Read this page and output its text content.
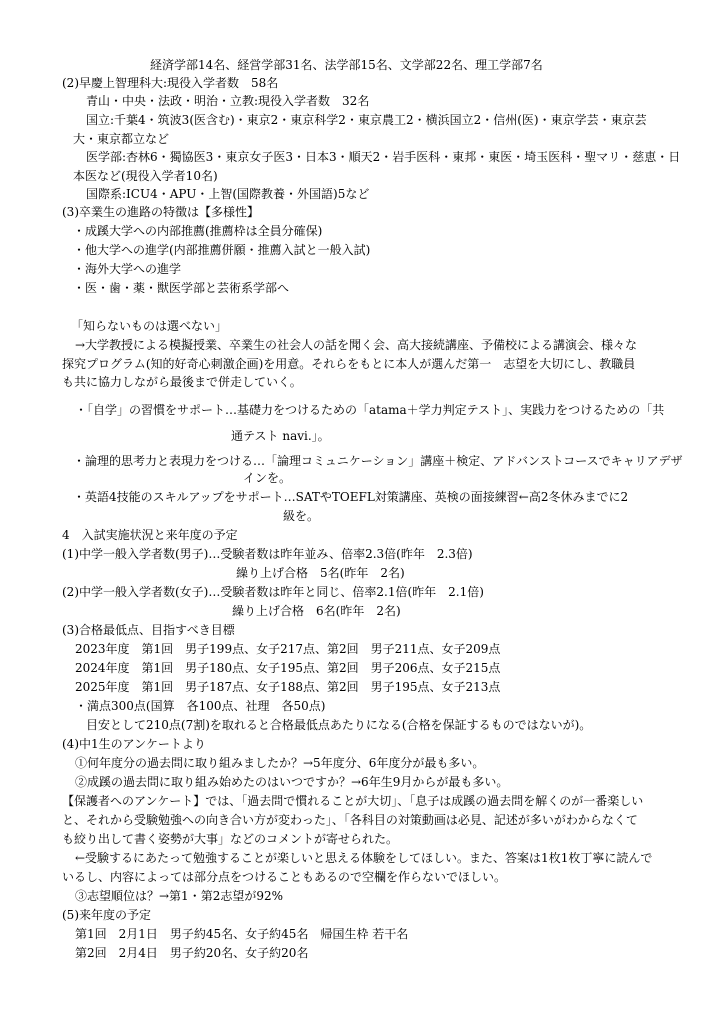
経済学部14名、経営学部31名、法学部15名、文学部22名、理工学部7名

(2)早慶上智理科大:現役入学者数　58名

青山・中央・法政・明治・立教:現役入学者数　32名

国立:千葉4・筑波3(医含む)・東京2・東京科学2・東京農工2・横浜国立2・信州(医)・東京学芸・東京芸

大・東京都立など

医学部:杏林6・獨協医3・東京女子医3・日本3・順天2・岩手医科・東邦・東医・埼玉医科・聖マリ・慈恵・日

本医など(現役入学者10名)

国際系:ICU4・APU・上智(国際教養・外国語)5など

(3)卒業生の進路の特徴は【多様性】

・成蹊大学への内部推薦(推薦枠は全員分確保)

・他大学への進学(内部推薦併願・推薦入試と一般入試)

・海外大学への進学

・医・歯・薬・獣医学部と芸術系学部へ

「知らないものは選べない」

→大学教授による模擬授業、卒業生の社会人の話を聞く会、高大接続講座、予備校による講演会、様々な

探究プログラム(知的好奇心刺激企画)を用意。それらをもとに本人が選んだ第一　志望を大切にし、教職員

も共に協力しながら最後まで併走していく。

・「自学」の習慣をサポート…基礎力をつけるための「atama＋学力判定テスト」、実践力をつけるための「共

通テスト navi.」。

・論理的思考力と表現力をつける…「論理コミュニケーション」講座＋検定、アドバンストコースでキャリアデザ

インを。

・英語4技能のスキルアップをサポート…SATやTOEFL対策講座、英検の面接練習←高2冬休みまでに2

級を。

4　入試実施状況と来年度の予定

(1)中学一般入学者数(男子)…受験者数は昨年並み、倍率2.3倍(昨年　2.3倍)

繰り上げ合格　5名(昨年　2名)

(2)中学一般入学者数(女子)…受験者数は昨年と同じ、倍率2.1倍(昨年　2.1倍)

繰り上げ合格　6名(昨年　2名)

(3)合格最低点、目指すべき目標

2023年度　第1回　男子199点、女子217点、第2回　男子211点、女子209点

2024年度　第1回　男子180点、女子195点、第2回　男子206点、女子215点

2025年度　第1回　男子187点、女子188点、第2回　男子195点、女子213点

・満点300点(国算　各100点、社理　各50点)

目安として210点(7割)を取れると合格最低点あたりになる(合格を保証するものではないが)。

(4)中1生のアンケートより

①何年度分の過去問に取り組みましたか？→5年度分、6年度分が最も多い。

②成蹊の過去問に取り組み始めたのはいつですか？→6年生9月からが最も多い。

【保護者へのアンケート】では、「過去問で慣れることが大切」、「息子は成蹊の過去問を解くのが一番楽しい

と、それから受験勉強への向き合い方が変わった」、「各科目の対策動画は必見、記述が多いがわからなくて

も絞り出して書く姿勢が大事」などのコメントが寄せられた。

←受験するにあたって勉強することが楽しいと思える体験をしてほしい。また、答案は1枚1枚丁寧に読んで

いるし、内容によっては部分点をつけることもあるので空欄を作らないでほしい。

③志望順位は？→第1・第2志望が92%

(5)来年度の予定

第1回　2月1日　男子約45名、女子約45名　帰国生枠 若干名

第2回　2月4日　男子約20名、女子約20名
